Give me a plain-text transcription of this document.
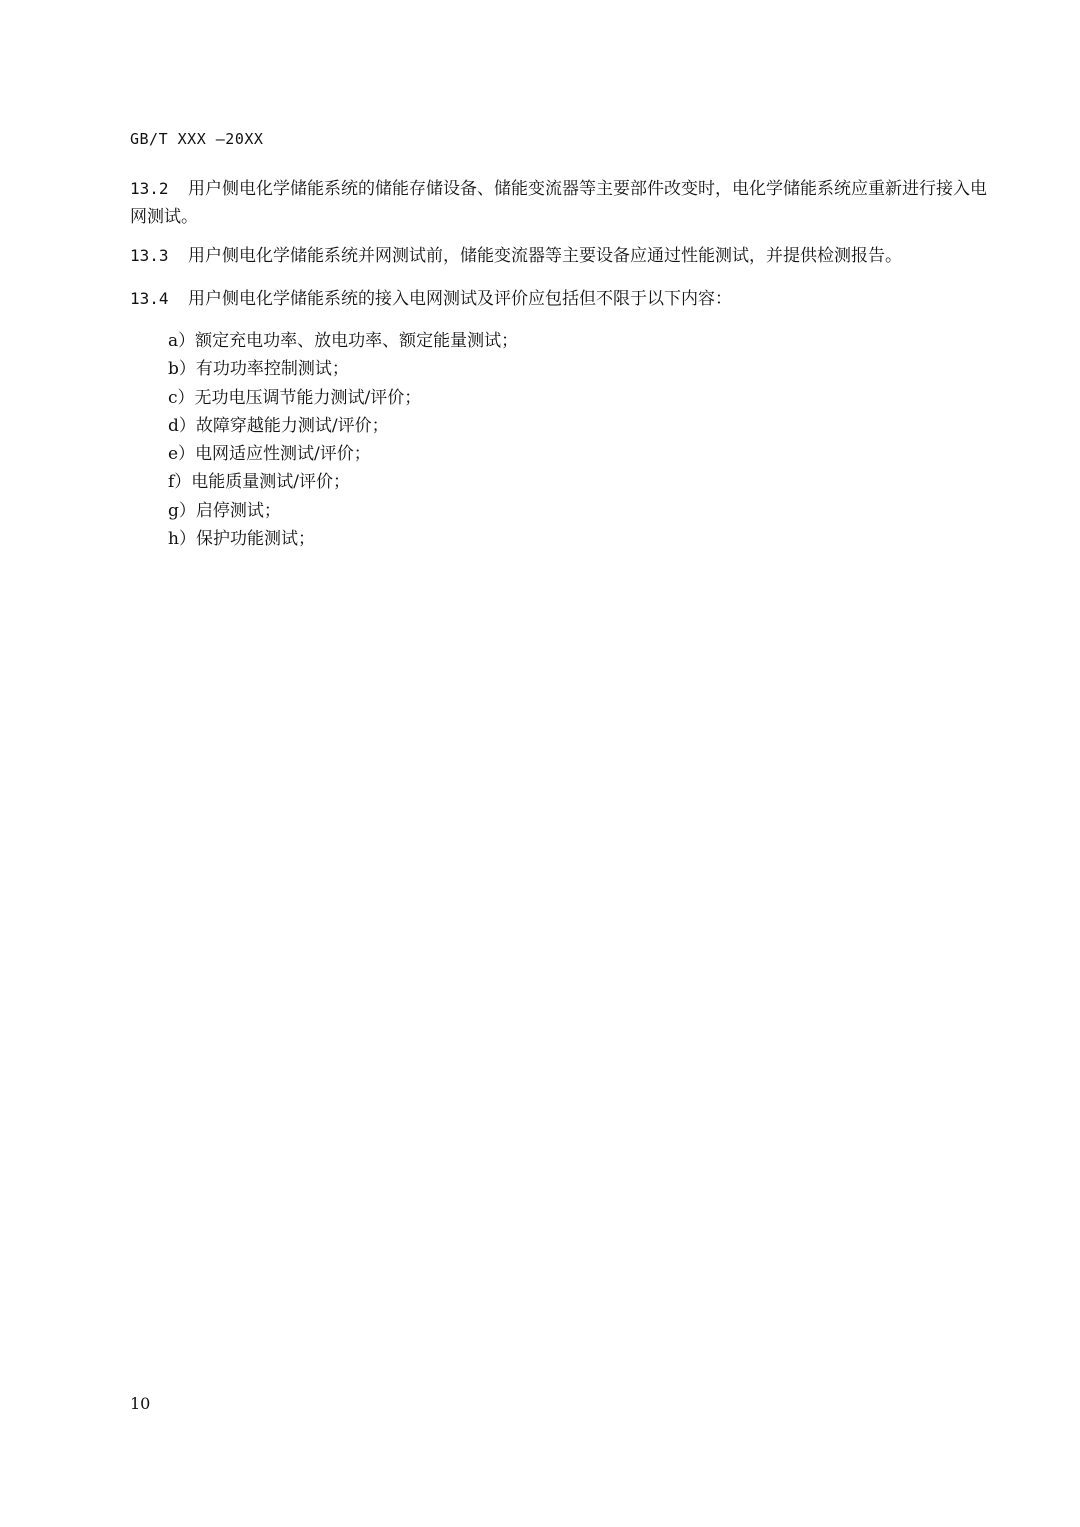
GB/T XXX —20XX
13.2 用户侧电化学储能系统的储能存储设备、储能变流器等主要部件改变时，电化学储能系统应重新进行接入电网测试。
13.3 用户侧电化学储能系统并网测试前，储能变流器等主要设备应通过性能测试，并提供检测报告。
13.4 用户侧电化学储能系统的接入电网测试及评价应包括但不限于以下内容：
a）额定充电功率、放电功率、额定能量测试；
b）有功功率控制测试；
c）无功电压调节能力测试/评价；
d）故障穿越能力测试/评价；
e）电网适应性测试/评价；
f）电能质量测试/评价；
g）启停测试；
h）保护功能测试；
10
